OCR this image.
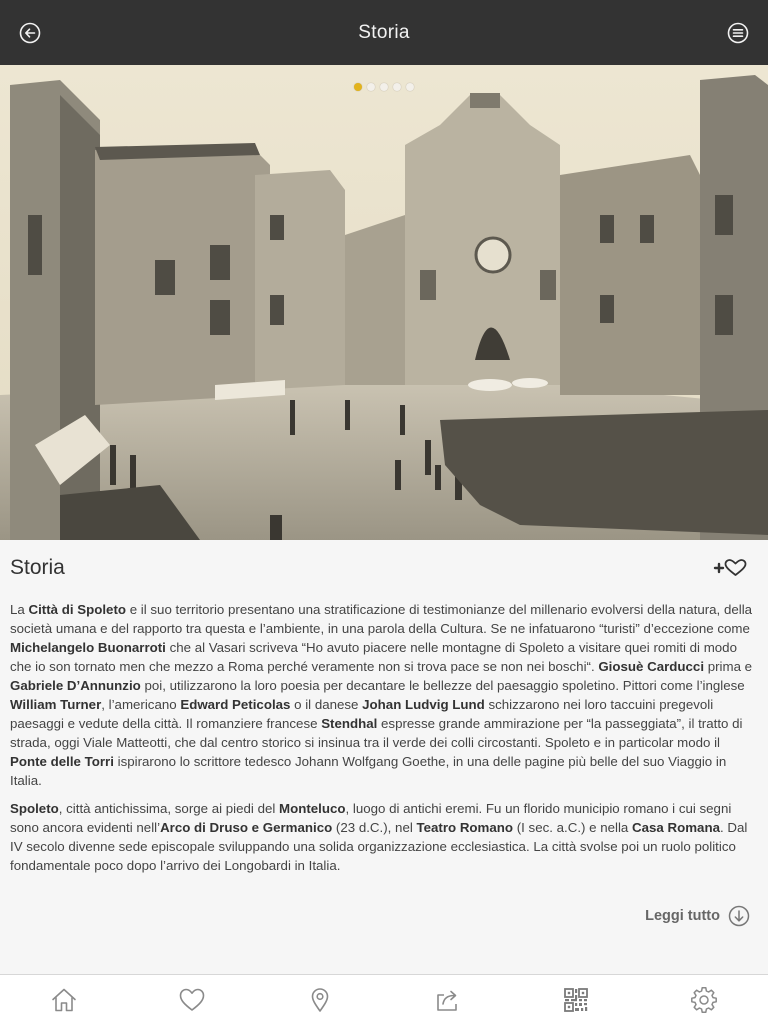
Storia
Storia

La Città di Spoleto e il suo territorio presentano una stratificazione di testimonianze del millenario evolversi della natura, della società umana e del rapporto tra questa e l’ambiente, in una parola della Cultura. Se ne infatuarono “turisti” d’eccezione come Michelangelo Buonarroti che al Vasari scriveva “Ho avuto piacere nelle montagne di Spoleto a visitare quei romiti di modo che io son tornato men che mezzo a Roma perché veramente non si trova pace se non nei boschi“. Giosuè Carducci prima e Gabriele D’Annunzio poi, utilizzarono la loro poesia per decantare le bellezze del paesaggio spoletino. Pittori come l’inglese William Turner, l’americano Edward Peticolas o il danese Johan Ludvig Lund schizzarono nei loro taccuini pregevoli paesaggi e vedute della città. Il romanziere francese Stendhal espresse grande ammirazione per “la passeggiata”, il tratto di strada, oggi Viale Matteotti, che dal centro storico si insinua tra il verde dei colli circostanti. Spoleto e in particolar modo il Ponte delle Torri ispirarono lo scrittore tedesco Johann Wolfgang Goethe, in una delle pagine più belle del suo Viaggio in Italia.

Spoleto, città antichissima, sorge ai piedi del Monteluco, luogo di antichi eremi. Fu un florido municipio romano i cui segni sono ancora evidenti nell’Arco di Druso e Germanico (23 d.C.), nel Teatro Romano (I sec. a.C.) e nella Casa Romana. Dal IV secolo divenne sede episcopale sviluppando una solida organizzazione ecclesiastica. La città svolse poi un ruolo politico fondamentale poco dopo l’arrivo dei Longobardi in Italia.

Leggi tutto
